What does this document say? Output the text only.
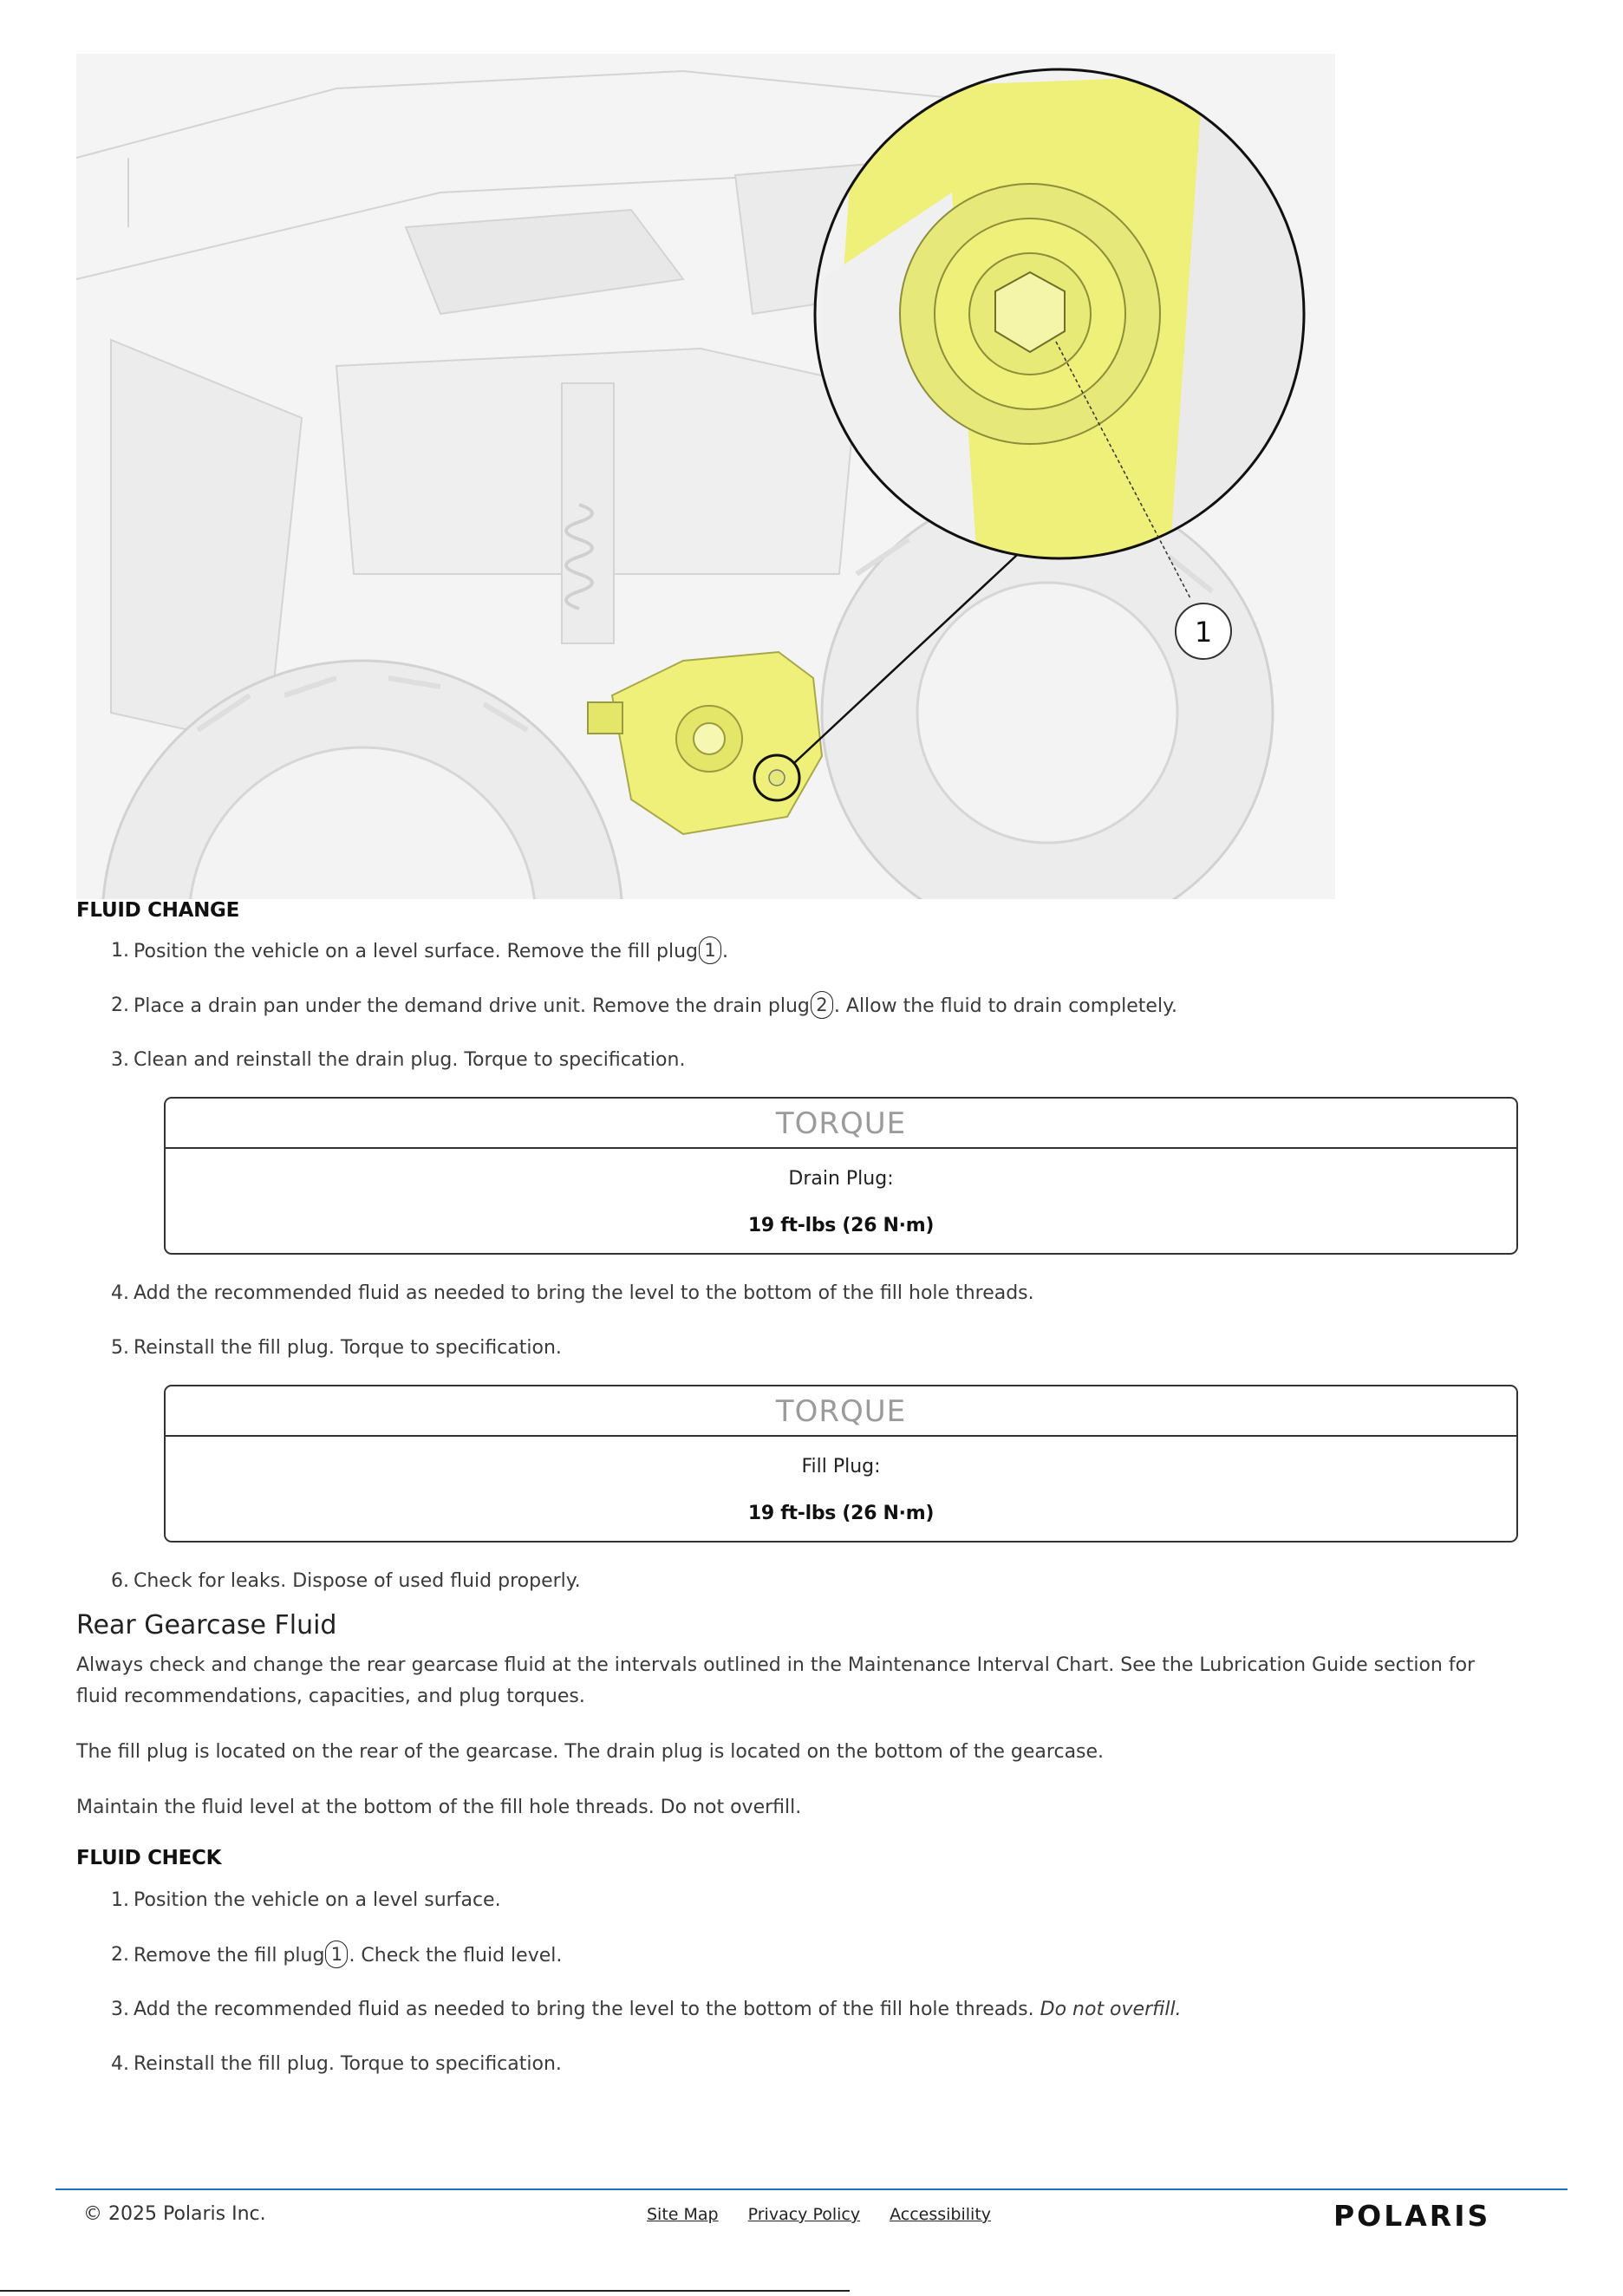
1
FLUID CHANGE
1. Position the vehicle on a level surface. Remove the fill plug 1 .
2. Place a drain pan under the demand drive unit. Remove the drain plug 2 . Allow the fluid to drain completely.
3. Clean and reinstall the drain plug. Torque to specification.
TORQUE
Drain Plug:
19 ft-lbs (26 N·m)
4. Add the recommended fluid as needed to bring the level to the bottom of the fill hole threads.
5. Reinstall the fill plug. Torque to specification.
TORQUE
Fill Plug:
19 ft-lbs (26 N·m)
6. Check for leaks. Dispose of used fluid properly.
Rear Gearcase Fluid

Always check and change the rear gearcase fluid at the intervals outlined in the Maintenance Interval Chart. See the Lubrication Guide section for fluid recommendations, capacities, and plug torques.

The fill plug is located on the rear of the gearcase. The drain plug is located on the bottom of the gearcase.

Maintain the fluid level at the bottom of the fill hole threads. Do not overfill.

FLUID CHECK
1. Position the vehicle on a level surface.
2. Remove the fill plug 1 . Check the fluid level.
3. Add the recommended fluid as needed to bring the level to the bottom of the fill hole threads. Do not overfill.
4. Reinstall the fill plug. Torque to specification.
© 2025 Polaris Inc.	Site Map Privacy Policy Accessibility	POLARIS
